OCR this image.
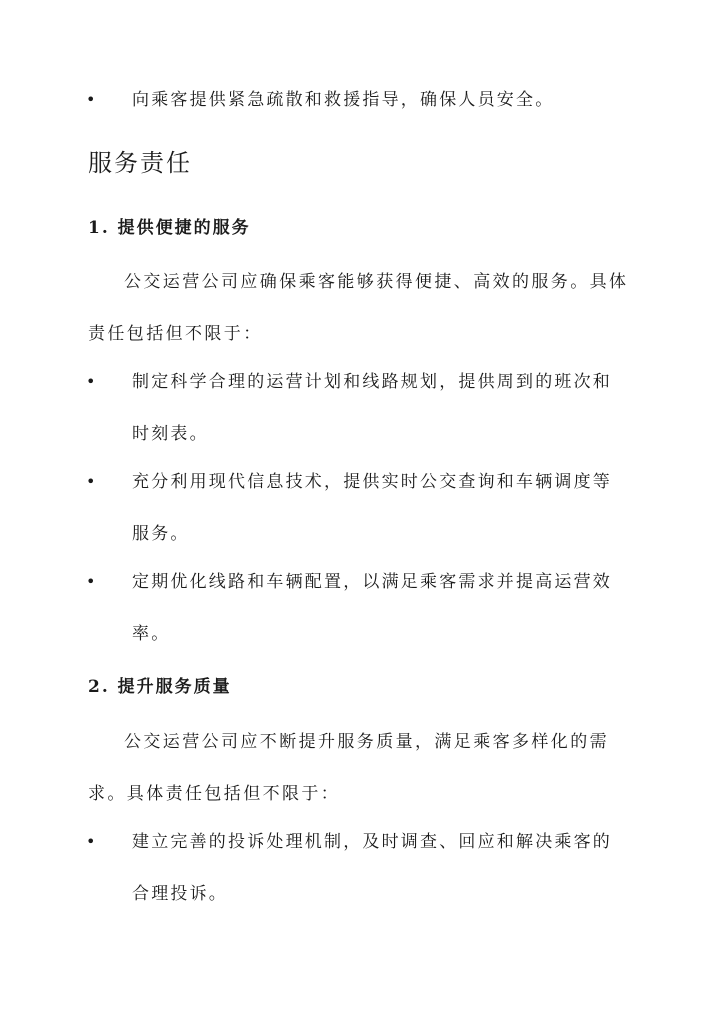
•	向乘客提供紧急疏散和救援指导，确保人员安全。
服务责任
1. 提供便捷的服务
公交运营公司应确保乘客能够获得便捷、高效的服务。具体责任包括但不限于：
•	制定科学合理的运营计划和线路规划，提供周到的班次和时刻表。
•	充分利用现代信息技术，提供实时公交查询和车辆调度等服务。
•	定期优化线路和车辆配置，以满足乘客需求并提高运营效率。
2. 提升服务质量
公交运营公司应不断提升服务质量，满足乘客多样化的需求。具体责任包括但不限于：
•	建立完善的投诉处理机制，及时调查、回应和解决乘客的合理投诉。
